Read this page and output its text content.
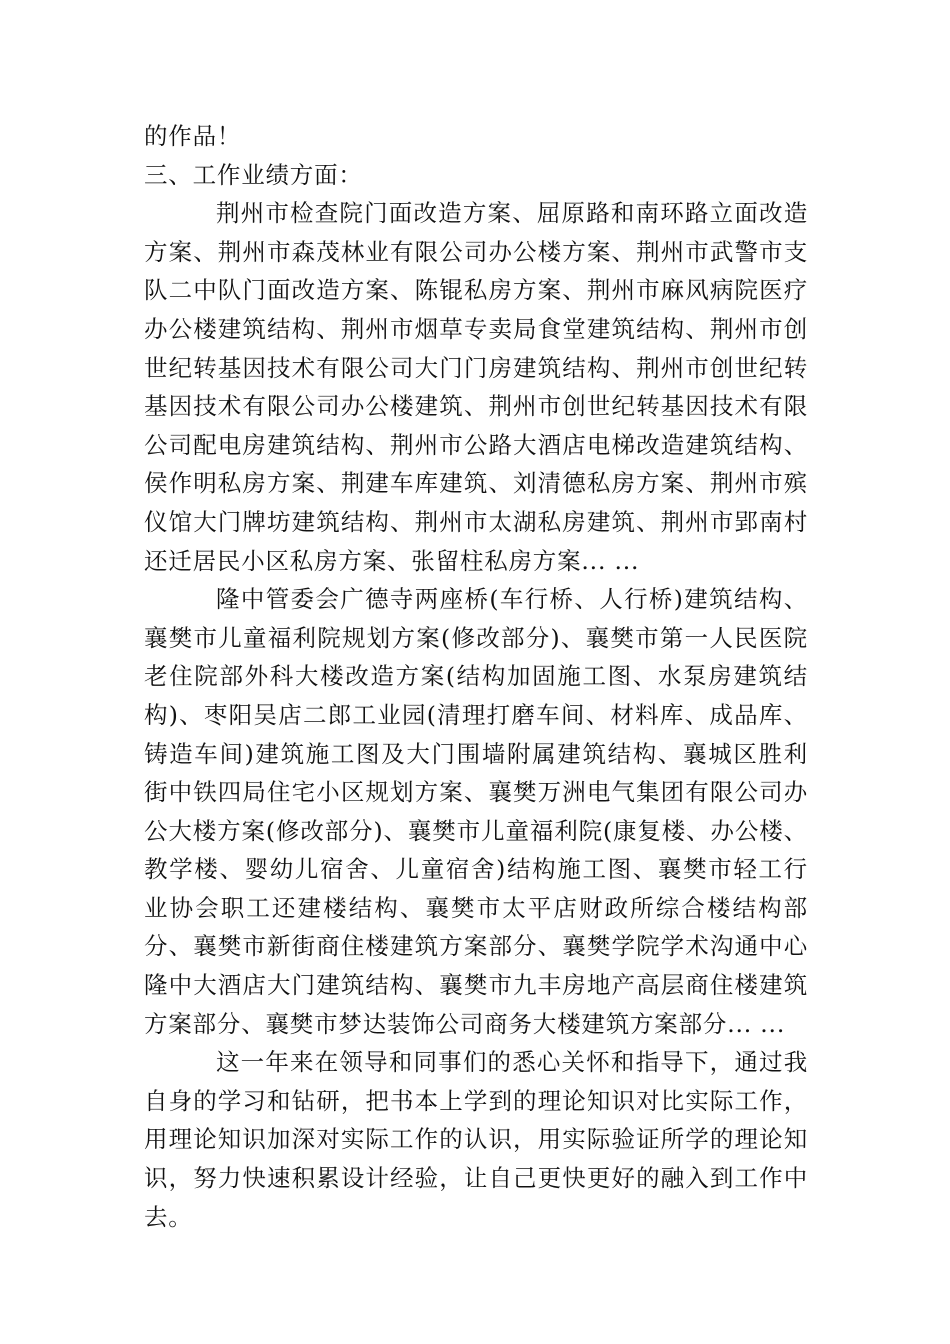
的作品！

三、工作业绩方面：

荆州市检查院门面改造方案、屈原路和南环路立面改造方案、荆州市森茂林业有限公司办公楼方案、荆州市武警市支队二中队门面改造方案、陈锟私房方案、荆州市麻风病院医疗办公楼建筑结构、荆州市烟草专卖局食堂建筑结构、荆州市创世纪转基因技术有限公司大门门房建筑结构、荆州市创世纪转基因技术有限公司办公楼建筑、荆州市创世纪转基因技术有限公司配电房建筑结构、荆州市公路大酒店电梯改造建筑结构、侯作明私房方案、荆建车库建筑、刘清德私房方案、荆州市殡仪馆大门牌坊建筑结构、荆州市太湖私房建筑、荆州市郢南村还迁居民小区私房方案、张留柱私房方案... ...

隆中管委会广德寺两座桥(车行桥、人行桥)建筑结构、襄樊市儿童福利院规划方案(修改部分)、襄樊市第一人民医院老住院部外科大楼改造方案(结构加固施工图、水泵房建筑结构)、枣阳吴店二郎工业园(清理打磨车间、材料库、成品库、铸造车间)建筑施工图及大门围墙附属建筑结构、襄城区胜利街中铁四局住宅小区规划方案、襄樊万洲电气集团有限公司办公大楼方案(修改部分)、襄樊市儿童福利院(康复楼、办公楼、教学楼、婴幼儿宿舍、儿童宿舍)结构施工图、襄樊市轻工行业协会职工还建楼结构、襄樊市太平店财政所综合楼结构部分、襄樊市新街商住楼建筑方案部分、襄樊学院学术沟通中心隆中大酒店大门建筑结构、襄樊市九丰房地产高层商住楼建筑方案部分、襄樊市梦达装饰公司商务大楼建筑方案部分... ...

这一年来在领导和同事们的悉心关怀和指导下，通过我自身的学习和钻研，把书本上学到的理论知识对比实际工作，用理论知识加深对实际工作的认识，用实际验证所学的理论知识，努力快速积累设计经验，让自己更快更好的融入到工作中去。
